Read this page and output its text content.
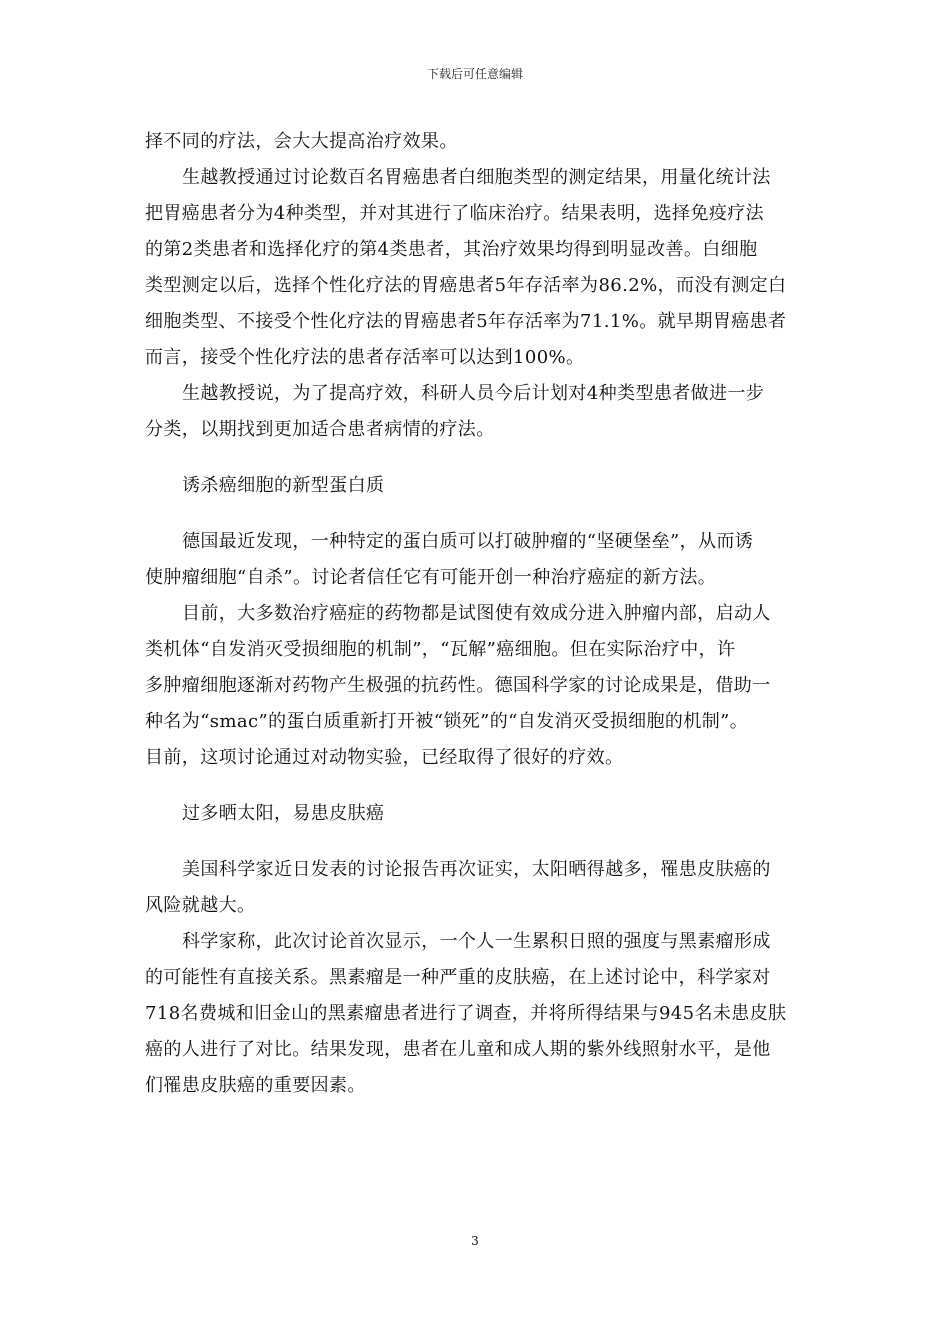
下载后可任意编辑
择不同的疗法，会大大提高治疗效果。
生越教授通过讨论数百名胃癌患者白细胞类型的测定结果，用量化统计法
把胃癌患者分为4种类型，并对其进行了临床治疗。结果表明，选择免疫疗法
的第2类患者和选择化疗的第4类患者，其治疗效果均得到明显改善。白细胞
类型测定以后，选择个性化疗法的胃癌患者5年存活率为86.2%，而没有测定白
细胞类型、不接受个性化疗法的胃癌患者5年存活率为71.1%。就早期胃癌患者
而言，接受个性化疗法的患者存活率可以达到100%。
生越教授说，为了提高疗效，科研人员今后计划对4种类型患者做进一步
分类，以期找到更加适合患者病情的疗法。
诱杀癌细胞的新型蛋白质
德国最近发现，一种特定的蛋白质可以打破肿瘤的“坚硬堡垒”，从而诱
使肿瘤细胞“自杀”。讨论者信任它有可能开创一种治疗癌症的新方法。
目前，大多数治疗癌症的药物都是试图使有效成分进入肿瘤内部，启动人
类机体“自发消灭受损细胞的机制”，“瓦解”癌细胞。但在实际治疗中，许
多肿瘤细胞逐渐对药物产生极强的抗药性。德国科学家的讨论成果是，借助一
种名为“smac”的蛋白质重新打开被“锁死”的“自发消灭受损细胞的机制”。
目前，这项讨论通过对动物实验，已经取得了很好的疗效。
过多晒太阳，易患皮肤癌
美国科学家近日发表的讨论报告再次证实，太阳晒得越多，罹患皮肤癌的
风险就越大。
科学家称，此次讨论首次显示，一个人一生累积日照的强度与黑素瘤形成
的可能性有直接关系。黑素瘤是一种严重的皮肤癌，在上述讨论中，科学家对
718名费城和旧金山的黑素瘤患者进行了调查，并将所得结果与945名未患皮肤
癌的人进行了对比。结果发现，患者在儿童和成人期的紫外线照射水平，是他
们罹患皮肤癌的重要因素。
3
